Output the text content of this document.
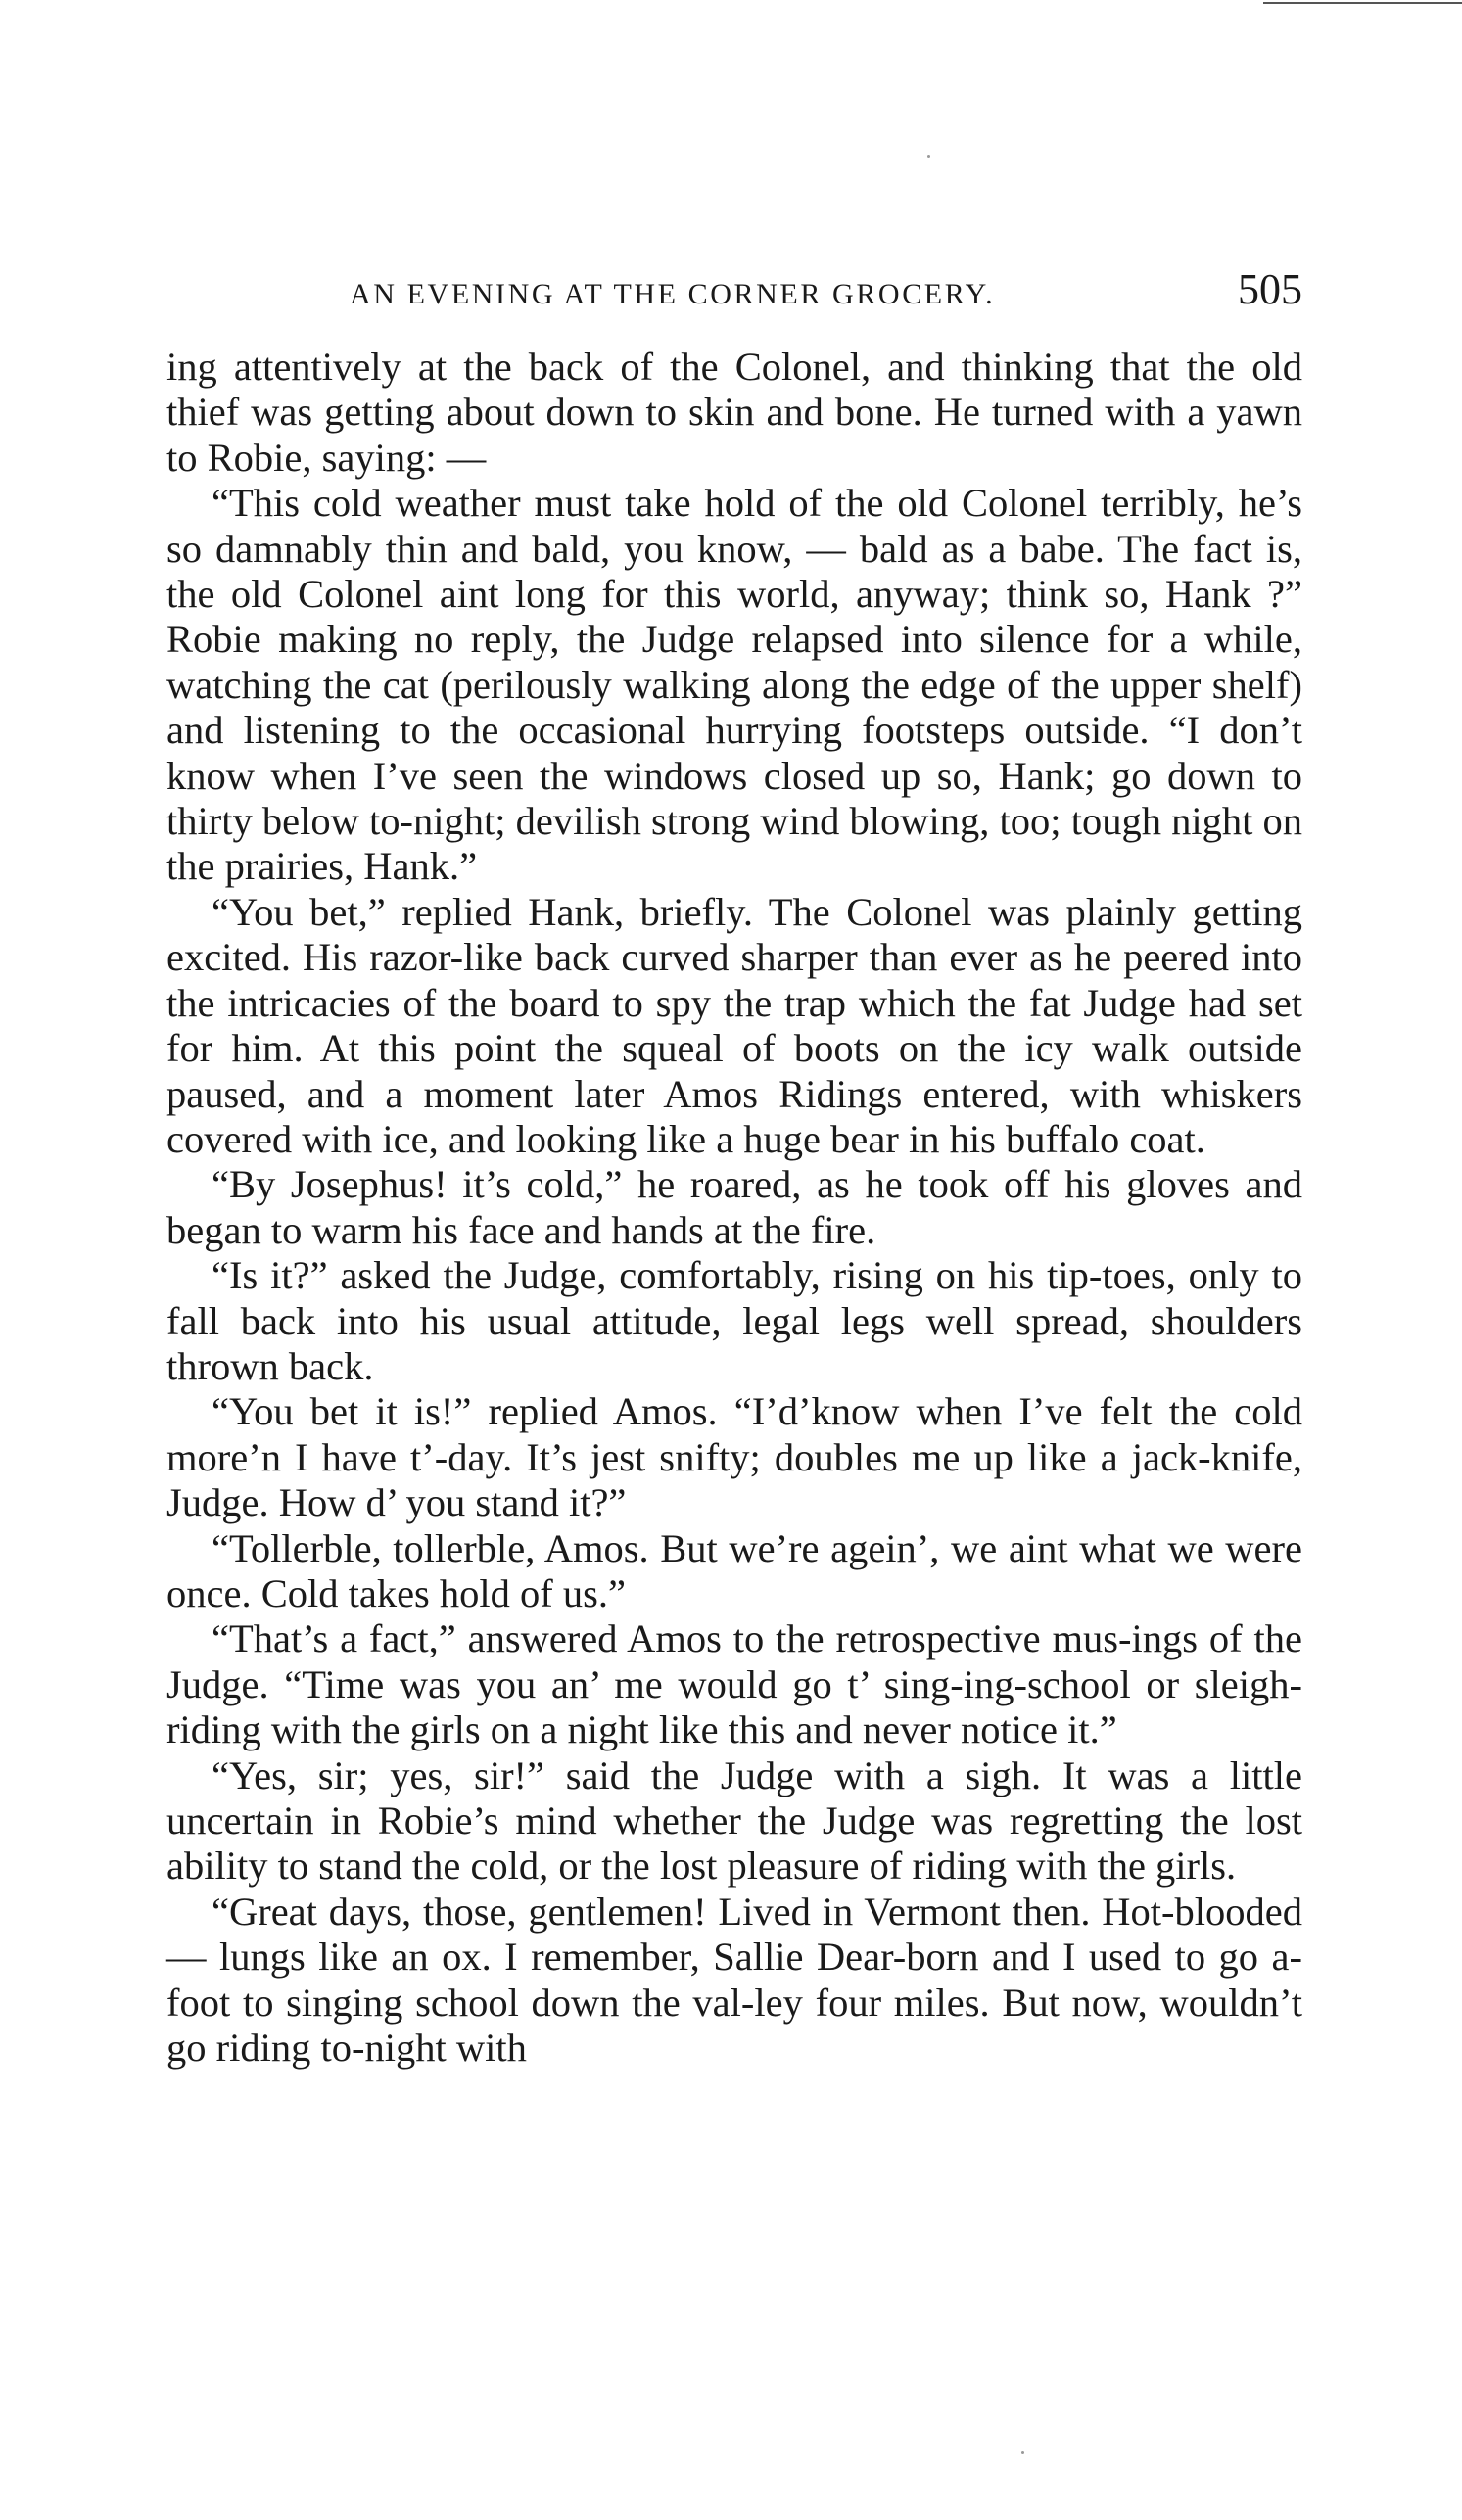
AN EVENING AT THE CORNER GROCERY.	505

ing attentively at the back of the Colonel, and thinking that the old thief was getting about down to skin and bone. He turned with a yawn to Robie, saying: —

“This cold weather must take hold of the old Colonel terribly, he’s so damnably thin and bald, you know, — bald as a babe. The fact is, the old Colonel aint long for this world, anyway; think so, Hank ?” Robie making no reply, the Judge relapsed into silence for a while, watching the cat (perilously walking along the edge of the upper shelf) and listening to the occasional hurrying footsteps outside. “I don’t know when I’ve seen the windows closed up so, Hank; go down to thirty below to-night; devilish strong wind blowing, too; tough night on the prairies, Hank.”

“You bet,” replied Hank, briefly. The Colonel was plainly getting excited. His razor-like back curved sharper than ever as he peered into the intricacies of the board to spy the trap which the fat Judge had set for him. At this point the squeal of boots on the icy walk outside paused, and a moment later Amos Ridings entered, with whiskers covered with ice, and looking like a huge bear in his buffalo coat.

“By Josephus! it’s cold,” he roared, as he took off his gloves and began to warm his face and hands at the fire.

“Is it?” asked the Judge, comfortably, rising on his tip-toes, only to fall back into his usual attitude, legal legs well spread, shoulders thrown back.

“You bet it is!” replied Amos. “I’d’know when I’ve felt the cold more’n I have t’-day. It’s jest snifty; doubles me up like a jack-knife, Judge. How d’ you stand it?”

“Tollerble, tollerble, Amos. But we’re agein’, we aint what we were once. Cold takes hold of us.”

“That’s a fact,” answered Amos to the retrospective mus-ings of the Judge. “Time was you an’ me would go t’ sing-ing-school or sleigh-riding with the girls on a night like this and never notice it.”

“Yes, sir; yes, sir!” said the Judge with a sigh. It was a little uncertain in Robie’s mind whether the Judge was regretting the lost ability to stand the cold, or the lost pleasure of riding with the girls.

“Great days, those, gentlemen! Lived in Vermont then. Hot-blooded — lungs like an ox. I remember, Sallie Dear-born and I used to go a-foot to singing school down the val-ley four miles. But now, wouldn’t go riding to-night with
